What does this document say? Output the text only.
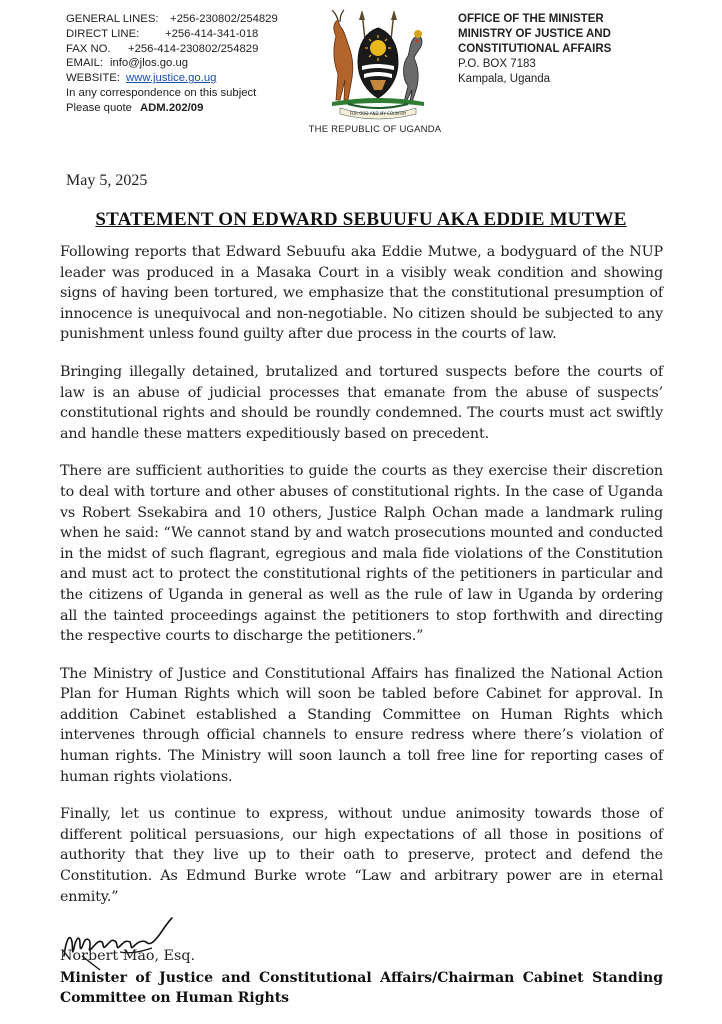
GENERAL LINES: +256-230802/254829
DIRECT LINE: +256-414-341-018
FAX NO. +256-414-230802/254829
EMAIL: info@jlos.go.ug
WEBSITE: www.justice.go.ug
In any correspondence on this subject
Please quote ADM.202/09	FOR GOD AND MY COUNTRY
THE REPUBLIC OF UGANDA
OFFICE OF THE MINISTER
MINISTRY OF JUSTICE AND
CONSTITUTIONAL AFFAIRS
P.O. BOX 7183
Kampala, Uganda
May 5, 2025
STATEMENT ON EDWARD SEBUUFU AKA EDDIE MUTWE

Following reports that Edward Sebuufu aka Eddie Mutwe, a bodyguard of the NUP leader was produced in a Masaka Court in a visibly weak condition and showing signs of having been tortured, we emphasize that the constitutional presumption of innocence is unequivocal and non-negotiable. No citizen should be subjected to any punishment unless found guilty after due process in the courts of law.

Bringing illegally detained, brutalized and tortured suspects before the courts of law is an abuse of judicial processes that emanate from the abuse of suspects’ constitutional rights and should be roundly condemned. The courts must act swiftly and handle these matters expeditiously based on precedent.

There are sufficient authorities to guide the courts as they exercise their discretion to deal with torture and other abuses of constitutional rights. In the case of Uganda vs Robert Ssekabira and 10 others, Justice Ralph Ochan made a landmark ruling when he said: “We cannot stand by and watch prosecutions mounted and conducted in the midst of such flagrant, egregious and mala fide violations of the Constitution and must act to protect the constitutional rights of the petitioners in particular and the citizens of Uganda in general as well as the rule of law in Uganda by ordering all the tainted proceedings against the petitioners to stop forthwith and directing the respective courts to discharge the petitioners.”

The Ministry of Justice and Constitutional Affairs has finalized the National Action Plan for Human Rights which will soon be tabled before Cabinet for approval. In addition Cabinet established a Standing Committee on Human Rights which intervenes through official channels to ensure redress where there’s violation of human rights. The Ministry will soon launch a toll free line for reporting cases of human rights violations.

Finally, let us continue to express, without undue animosity towards those of different political persuasions, our high expectations of all those in positions of authority that they live up to their oath to preserve, protect and defend the Constitution. As Edmund Burke wrote “Law and arbitrary power are in eternal enmity.”

Norbert Mao, Esq.
Minister of Justice and Constitutional Affairs/Chairman Cabinet Standing Committee on Human Rights
